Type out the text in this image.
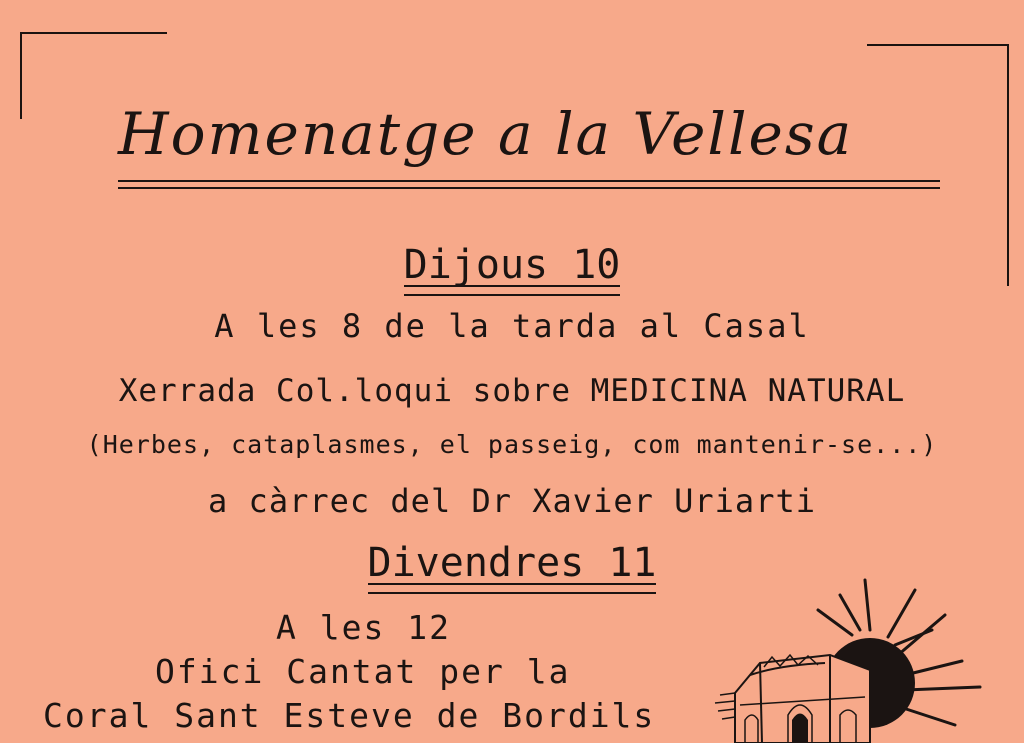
Homenatge a la Vellesa
Dijous 10
A les 8 de la tarda al Casal
Xerrada Col.loqui sobre MEDICINA NATURAL
(Herbes, cataplasmes, el passeig, com mantenir-se...)
a càrrec del Dr Xavier Uriarti
Divendres 11
A les 12
Ofici Cantat per la
Coral Sant Esteve de Bordils
